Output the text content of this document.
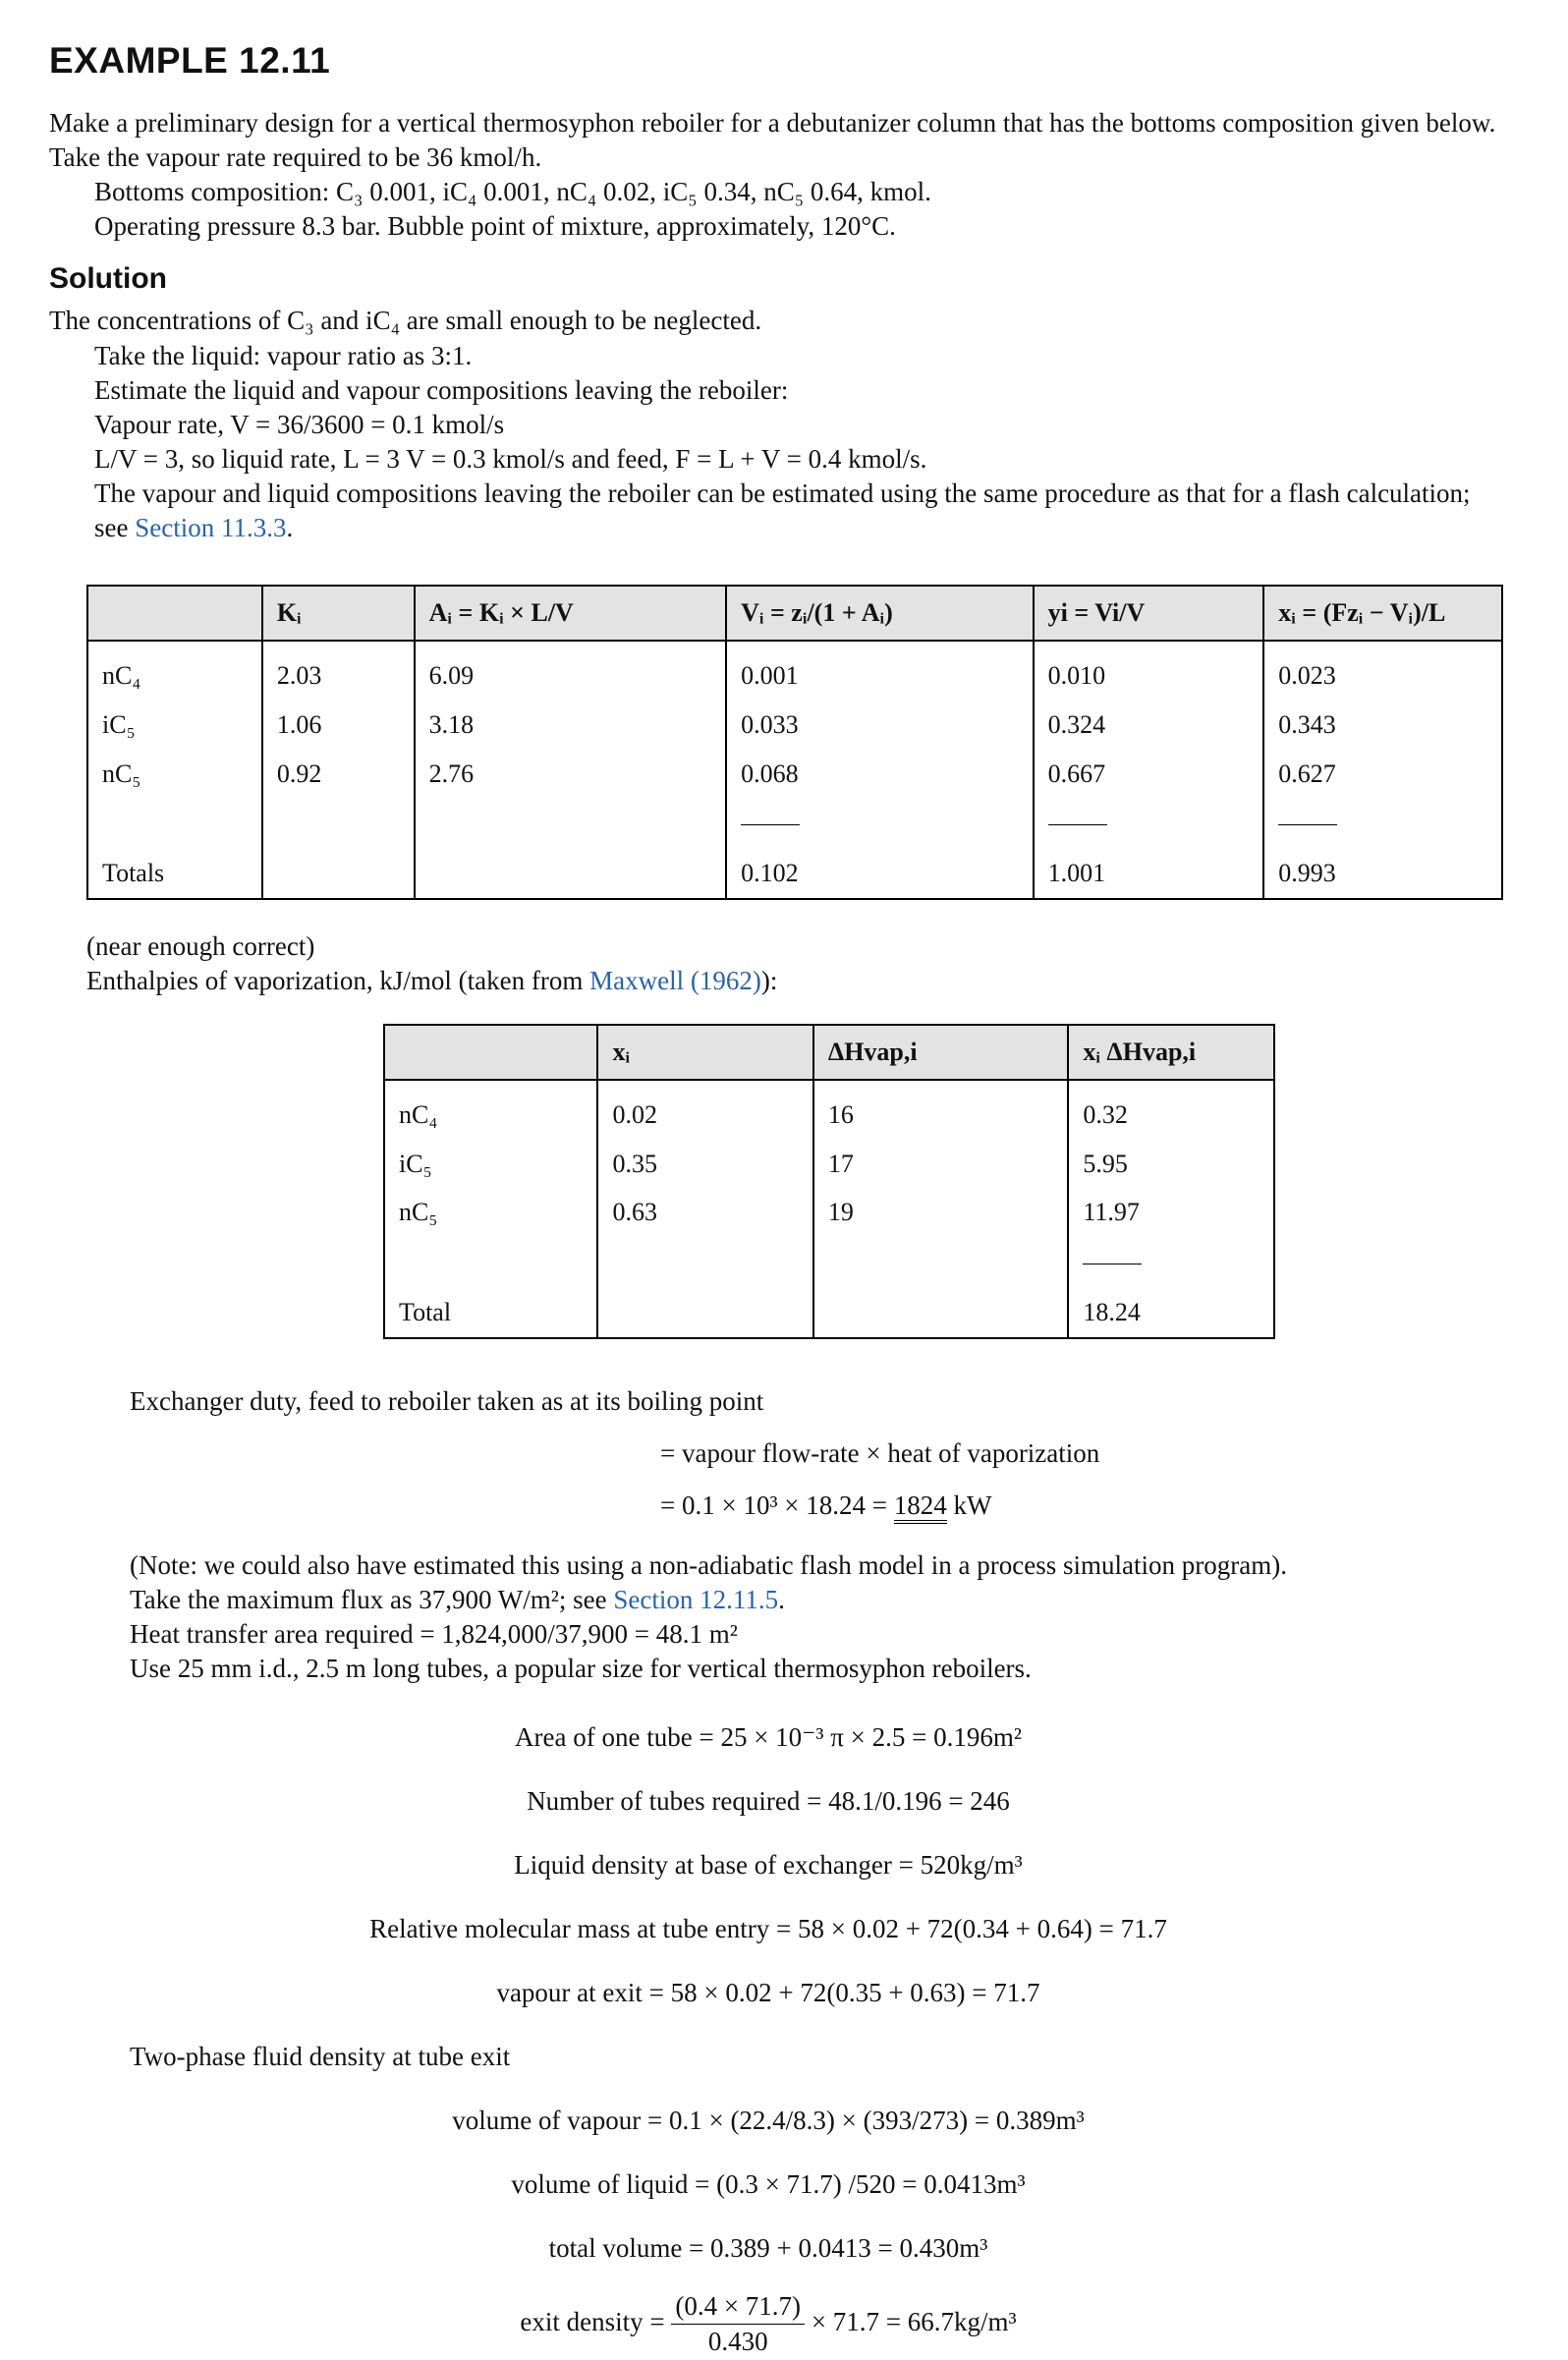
EXAMPLE 12.11

Make a preliminary design for a vertical thermosyphon reboiler for a debutanizer column that has the bottoms composition given below. Take the vapour rate required to be 36 kmol/h.

Bottoms composition: C₃ 0.001, iC₄ 0.001, nC₄ 0.02, iC₅ 0.34, nC₅ 0.64, kmol.

Operating pressure 8.3 bar. Bubble point of mixture, approximately, 120°C.

Solution

The concentrations of C₃ and iC₄ are small enough to be neglected.

Take the liquid: vapour ratio as 3:1.

Estimate the liquid and vapour compositions leaving the reboiler:

Vapour rate, V = 36/3600 = 0.1 kmol/s

L/V = 3, so liquid rate, L = 3 V = 0.3 kmol/s and feed, F = L + V = 0.4 kmol/s.

The vapour and liquid compositions leaving the reboiler can be estimated using the same procedure as that for a flash calculation; see Section 11.3.3.

	Kᵢ	Aᵢ = Kᵢ × L/V	Vᵢ = zᵢ/(1 + Aᵢ)	yi = Vi/V	xᵢ = (Fzᵢ − Vᵢ)/L
nC₄	2.03	6.09	0.001	0.010	0.023
iC₅	1.06	3.18	0.033	0.324	0.343
nC₅	0.92	2.76	0.068	0.667	0.627

Totals			0.102	1.001	0.993

(near enough correct)

Enthalpies of vaporization, kJ/mol (taken from Maxwell (1962)):

	xᵢ	ΔHvap,i	xᵢ ΔHvap,i
nC₄	0.02	16	0.32
iC₅	0.35	17	5.95
nC₅	0.63	19	11.97

Total			18.24

Exchanger duty, feed to reboiler taken as at its boiling point

= vapour flow-rate × heat of vaporization

= 0.1 × 10³ × 18.24 = 1824 kW

(Note: we could also have estimated this using a non-adiabatic flash model in a process simulation program).

Take the maximum flux as 37,900 W/m²; see Section 12.11.5.

Heat transfer area required = 1,824,000/37,900 = 48.1 m²

Use 25 mm i.d., 2.5 m long tubes, a popular size for vertical thermosyphon reboilers.

Area of one tube = 25 × 10⁻³ π × 2.5 = 0.196m²

Number of tubes required = 48.1/0.196 = 246

Liquid density at base of exchanger = 520kg/m³

Relative molecular mass at tube entry = 58 × 0.02 + 72(0.34 + 0.64) = 71.7

vapour at exit = 58 × 0.02 + 72(0.35 + 0.63) = 71.7

Two-phase fluid density at tube exit

volume of vapour = 0.1 × (22.4/8.3) × (393/273) = 0.389m³

volume of liquid = (0.3 × 71.7) /520 = 0.0413m³

total volume = 0.389 + 0.0413 = 0.430m³

exit density = $\frac{(0.4 \times 71.7)}{0.430} \times 71.7 = 66.7kg/m^3$
